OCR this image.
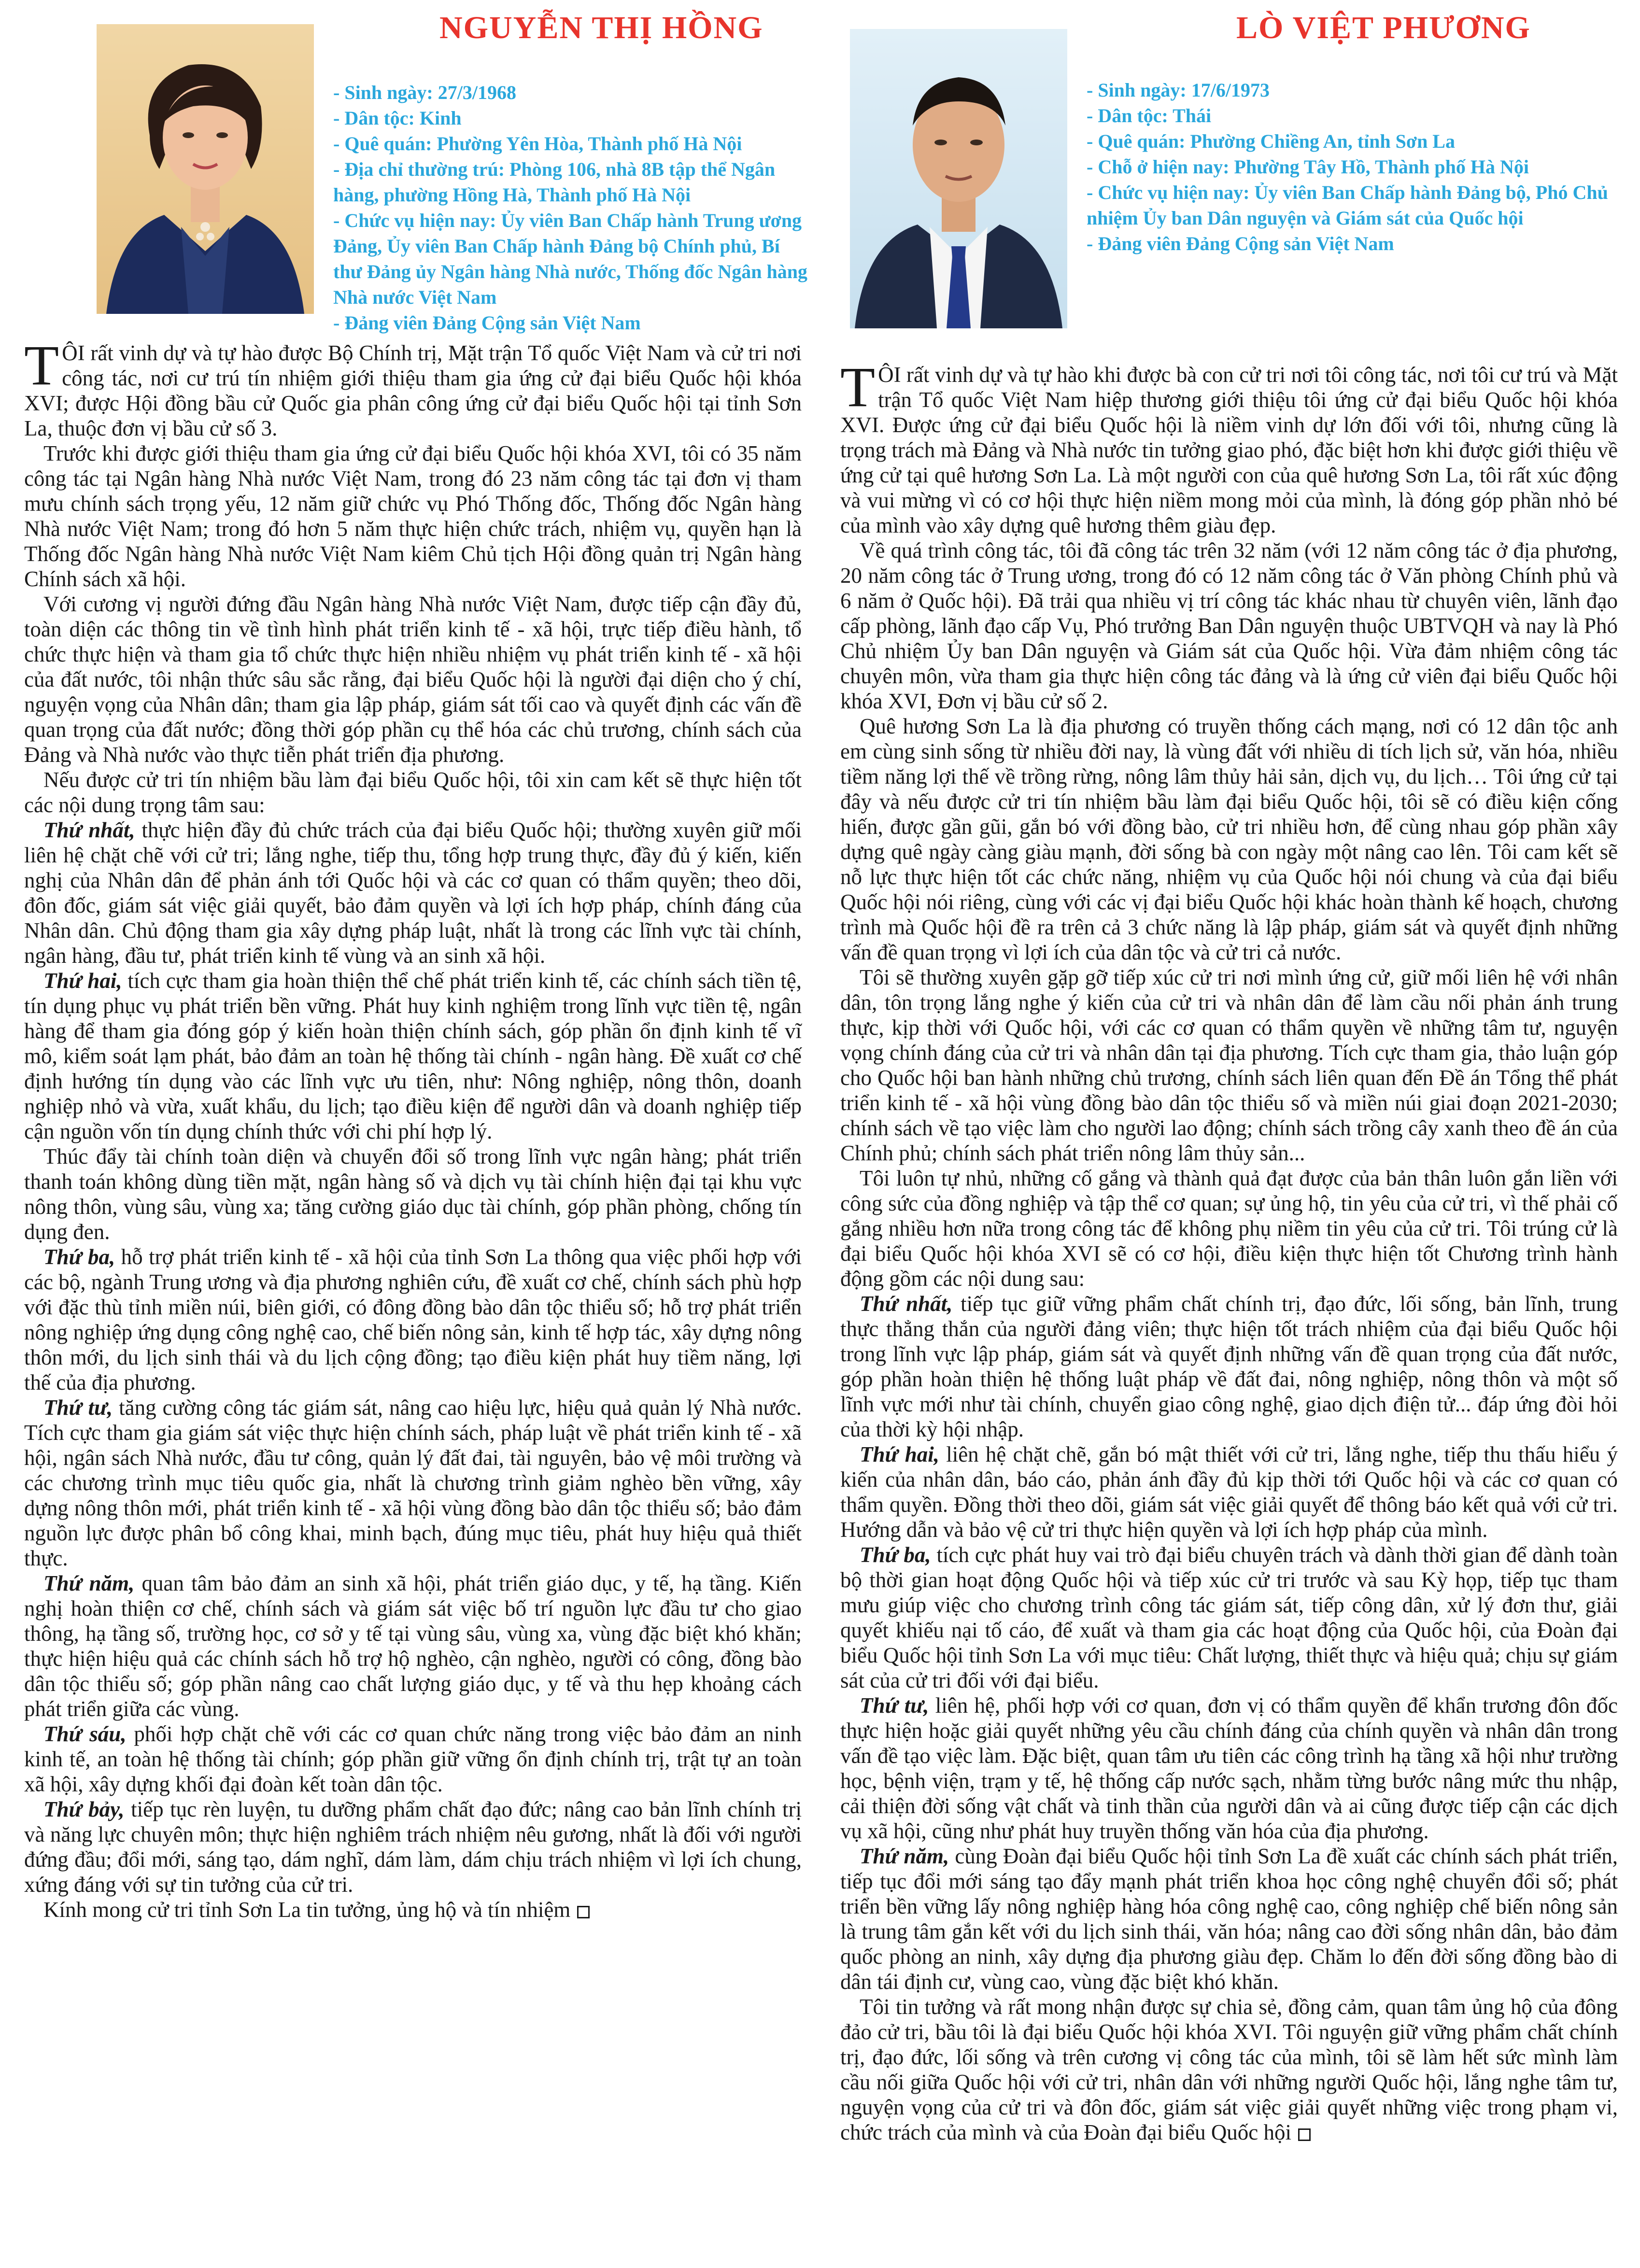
NGUYỄN THỊ HỒNG
- Sinh ngày: 27/3/1968
- Dân tộc: Kinh
- Quê quán: Phường Yên Hòa, Thành phố Hà Nội
- Địa chỉ thường trú: Phòng 106, nhà 8B tập thể Ngân hàng, phường Hồng Hà, Thành phố Hà Nội
- Chức vụ hiện nay: Ủy viên Ban Chấp hành Trung ương Đảng, Ủy viên Ban Chấp hành Đảng bộ Chính phủ, Bí thư Đảng ủy Ngân hàng Nhà nước, Thống đốc Ngân hàng Nhà nước Việt Nam
- Đảng viên Đảng Cộng sản Việt Nam

TÔI rất vinh dự và tự hào được Bộ Chính trị, Mặt trận Tổ quốc Việt Nam và cử tri nơi công tác, nơi cư trú tín nhiệm giới thiệu tham gia ứng cử đại biểu Quốc hội khóa XVI; được Hội đồng bầu cử Quốc gia phân công ứng cử đại biểu Quốc hội tại tỉnh Sơn La, thuộc đơn vị bầu cử số 3.

Trước khi được giới thiệu tham gia ứng cử đại biểu Quốc hội khóa XVI, tôi có 35 năm công tác tại Ngân hàng Nhà nước Việt Nam, trong đó 23 năm công tác tại đơn vị tham mưu chính sách trọng yếu, 12 năm giữ chức vụ Phó Thống đốc, Thống đốc Ngân hàng Nhà nước Việt Nam; trong đó hơn 5 năm thực hiện chức trách, nhiệm vụ, quyền hạn là Thống đốc Ngân hàng Nhà nước Việt Nam kiêm Chủ tịch Hội đồng quản trị Ngân hàng Chính sách xã hội.

Với cương vị người đứng đầu Ngân hàng Nhà nước Việt Nam, được tiếp cận đầy đủ, toàn diện các thông tin về tình hình phát triển kinh tế - xã hội, trực tiếp điều hành, tổ chức thực hiện và tham gia tổ chức thực hiện nhiều nhiệm vụ phát triển kinh tế - xã hội của đất nước, tôi nhận thức sâu sắc rằng, đại biểu Quốc hội là người đại diện cho ý chí, nguyện vọng của Nhân dân; tham gia lập pháp, giám sát tối cao và quyết định các vấn đề quan trọng của đất nước; đồng thời góp phần cụ thể hóa các chủ trương, chính sách của Đảng và Nhà nước vào thực tiễn phát triển địa phương.

Nếu được cử tri tín nhiệm bầu làm đại biểu Quốc hội, tôi xin cam kết sẽ thực hiện tốt các nội dung trọng tâm sau:

Thứ nhất, thực hiện đầy đủ chức trách của đại biểu Quốc hội; thường xuyên giữ mối liên hệ chặt chẽ với cử tri; lắng nghe, tiếp thu, tổng hợp trung thực, đầy đủ ý kiến, kiến nghị của Nhân dân để phản ánh tới Quốc hội và các cơ quan có thẩm quyền; theo dõi, đôn đốc, giám sát việc giải quyết, bảo đảm quyền và lợi ích hợp pháp, chính đáng của Nhân dân. Chủ động tham gia xây dựng pháp luật, nhất là trong các lĩnh vực tài chính, ngân hàng, đầu tư, phát triển kinh tế vùng và an sinh xã hội.

Thứ hai, tích cực tham gia hoàn thiện thể chế phát triển kinh tế, các chính sách tiền tệ, tín dụng phục vụ phát triển bền vững. Phát huy kinh nghiệm trong lĩnh vực tiền tệ, ngân hàng để tham gia đóng góp ý kiến hoàn thiện chính sách, góp phần ổn định kinh tế vĩ mô, kiểm soát lạm phát, bảo đảm an toàn hệ thống tài chính - ngân hàng. Đề xuất cơ chế định hướng tín dụng vào các lĩnh vực ưu tiên, như: Nông nghiệp, nông thôn, doanh nghiệp nhỏ và vừa, xuất khẩu, du lịch; tạo điều kiện để người dân và doanh nghiệp tiếp cận nguồn vốn tín dụng chính thức với chi phí hợp lý.

Thúc đẩy tài chính toàn diện và chuyển đổi số trong lĩnh vực ngân hàng; phát triển thanh toán không dùng tiền mặt, ngân hàng số và dịch vụ tài chính hiện đại tại khu vực nông thôn, vùng sâu, vùng xa; tăng cường giáo dục tài chính, góp phần phòng, chống tín dụng đen.

Thứ ba, hỗ trợ phát triển kinh tế - xã hội của tỉnh Sơn La thông qua việc phối hợp với các bộ, ngành Trung ương và địa phương nghiên cứu, đề xuất cơ chế, chính sách phù hợp với đặc thù tỉnh miền núi, biên giới, có đông đồng bào dân tộc thiểu số; hỗ trợ phát triển nông nghiệp ứng dụng công nghệ cao, chế biến nông sản, kinh tế hợp tác, xây dựng nông thôn mới, du lịch sinh thái và du lịch cộng đồng; tạo điều kiện phát huy tiềm năng, lợi thế của địa phương.

Thứ tư, tăng cường công tác giám sát, nâng cao hiệu lực, hiệu quả quản lý Nhà nước. Tích cực tham gia giám sát việc thực hiện chính sách, pháp luật về phát triển kinh tế - xã hội, ngân sách Nhà nước, đầu tư công, quản lý đất đai, tài nguyên, bảo vệ môi trường và các chương trình mục tiêu quốc gia, nhất là chương trình giảm nghèo bền vững, xây dựng nông thôn mới, phát triển kinh tế - xã hội vùng đồng bào dân tộc thiểu số; bảo đảm nguồn lực được phân bổ công khai, minh bạch, đúng mục tiêu, phát huy hiệu quả thiết thực.

Thứ năm, quan tâm bảo đảm an sinh xã hội, phát triển giáo dục, y tế, hạ tầng. Kiến nghị hoàn thiện cơ chế, chính sách và giám sát việc bố trí nguồn lực đầu tư cho giao thông, hạ tầng số, trường học, cơ sở y tế tại vùng sâu, vùng xa, vùng đặc biệt khó khăn; thực hiện hiệu quả các chính sách hỗ trợ hộ nghèo, cận nghèo, người có công, đồng bào dân tộc thiểu số; góp phần nâng cao chất lượng giáo dục, y tế và thu hẹp khoảng cách phát triển giữa các vùng.

Thứ sáu, phối hợp chặt chẽ với các cơ quan chức năng trong việc bảo đảm an ninh kinh tế, an toàn hệ thống tài chính; góp phần giữ vững ổn định chính trị, trật tự an toàn xã hội, xây dựng khối đại đoàn kết toàn dân tộc.

Thứ bảy, tiếp tục rèn luyện, tu dưỡng phẩm chất đạo đức; nâng cao bản lĩnh chính trị và năng lực chuyên môn; thực hiện nghiêm trách nhiệm nêu gương, nhất là đối với người đứng đầu; đổi mới, sáng tạo, dám nghĩ, dám làm, dám chịu trách nhiệm vì lợi ích chung, xứng đáng với sự tin tưởng của cử tri.

Kính mong cử tri tỉnh Sơn La tin tưởng, ủng hộ và tín nhiệm

LÒ VIỆT PHƯƠNG
- Sinh ngày: 17/6/1973
- Dân tộc: Thái
- Quê quán: Phường Chiềng An, tỉnh Sơn La
- Chỗ ở hiện nay: Phường Tây Hồ, Thành phố Hà Nội
- Chức vụ hiện nay: Ủy viên Ban Chấp hành Đảng bộ, Phó Chủ nhiệm Ủy ban Dân nguyện và Giám sát của Quốc hội
- Đảng viên Đảng Cộng sản Việt Nam

TÔI rất vinh dự và tự hào khi được bà con cử tri nơi tôi công tác, nơi tôi cư trú và Mặt trận Tổ quốc Việt Nam hiệp thương giới thiệu tôi ứng cử đại biểu Quốc hội khóa XVI. Được ứng cử đại biểu Quốc hội là niềm vinh dự lớn đối với tôi, nhưng cũng là trọng trách mà Đảng và Nhà nước tin tưởng giao phó, đặc biệt hơn khi được giới thiệu về ứng cử tại quê hương Sơn La. Là một người con của quê hương Sơn La, tôi rất xúc động và vui mừng vì có cơ hội thực hiện niềm mong mỏi của mình, là đóng góp phần nhỏ bé của mình vào xây dựng quê hương thêm giàu đẹp.

Về quá trình công tác, tôi đã công tác trên 32 năm (với 12 năm công tác ở địa phương, 20 năm công tác ở Trung ương, trong đó có 12 năm công tác ở Văn phòng Chính phủ và 6 năm ở Quốc hội). Đã trải qua nhiều vị trí công tác khác nhau từ chuyên viên, lãnh đạo cấp phòng, lãnh đạo cấp Vụ, Phó trưởng Ban Dân nguyện thuộc UBTVQH và nay là Phó Chủ nhiệm Ủy ban Dân nguyện và Giám sát của Quốc hội. Vừa đảm nhiệm công tác chuyên môn, vừa tham gia thực hiện công tác đảng và là ứng cử viên đại biểu Quốc hội khóa XVI, Đơn vị bầu cử số 2.

Quê hương Sơn La là địa phương có truyền thống cách mạng, nơi có 12 dân tộc anh em cùng sinh sống từ nhiều đời nay, là vùng đất với nhiều di tích lịch sử, văn hóa, nhiều tiềm năng lợi thế về trồng rừng, nông lâm thủy hải sản, dịch vụ, du lịch… Tôi ứng cử tại đây và nếu được cử tri tín nhiệm bầu làm đại biểu Quốc hội, tôi sẽ có điều kiện cống hiến, được gần gũi, gắn bó với đồng bào, cử tri nhiều hơn, để cùng nhau góp phần xây dựng quê ngày càng giàu mạnh, đời sống bà con ngày một nâng cao lên. Tôi cam kết sẽ nỗ lực thực hiện tốt các chức năng, nhiệm vụ của Quốc hội nói chung và của đại biểu Quốc hội nói riêng, cùng với các vị đại biểu Quốc hội khác hoàn thành kế hoạch, chương trình mà Quốc hội đề ra trên cả 3 chức năng là lập pháp, giám sát và quyết định những vấn đề quan trọng vì lợi ích của dân tộc và cử tri cả nước.

Tôi sẽ thường xuyên gặp gỡ tiếp xúc cử tri nơi mình ứng cử, giữ mối liên hệ với nhân dân, tôn trọng lắng nghe ý kiến của cử tri và nhân dân để làm cầu nối phản ánh trung thực, kịp thời với Quốc hội, với các cơ quan có thẩm quyền về những tâm tư, nguyện vọng chính đáng của cử tri và nhân dân tại địa phương. Tích cực tham gia, thảo luận góp cho Quốc hội ban hành những chủ trương, chính sách liên quan đến Đề án Tổng thể phát triển kinh tế - xã hội vùng đồng bào dân tộc thiểu số và miền núi giai đoạn 2021-2030; chính sách về tạo việc làm cho người lao động; chính sách trồng cây xanh theo đề án của Chính phủ; chính sách phát triển nông lâm thủy sản...

Tôi luôn tự nhủ, những cố gắng và thành quả đạt được của bản thân luôn gắn liền với công sức của đồng nghiệp và tập thể cơ quan; sự ủng hộ, tin yêu của cử tri, vì thế phải cố gắng nhiều hơn nữa trong công tác để không phụ niềm tin yêu của cử tri. Tôi trúng cử là đại biểu Quốc hội khóa XVI sẽ có cơ hội, điều kiện thực hiện tốt Chương trình hành động gồm các nội dung sau:

Thứ nhất, tiếp tục giữ vững phẩm chất chính trị, đạo đức, lối sống, bản lĩnh, trung thực thẳng thắn của người đảng viên; thực hiện tốt trách nhiệm của đại biểu Quốc hội trong lĩnh vực lập pháp, giám sát và quyết định những vấn đề quan trọng của đất nước, góp phần hoàn thiện hệ thống luật pháp về đất đai, nông nghiệp, nông thôn và một số lĩnh vực mới như tài chính, chuyển giao công nghệ, giao dịch điện tử... đáp ứng đòi hỏi của thời kỳ hội nhập.

Thứ hai, liên hệ chặt chẽ, gắn bó mật thiết với cử tri, lắng nghe, tiếp thu thấu hiểu ý kiến của nhân dân, báo cáo, phản ánh đầy đủ kịp thời tới Quốc hội và các cơ quan có thẩm quyền. Đồng thời theo dõi, giám sát việc giải quyết để thông báo kết quả với cử tri. Hướng dẫn và bảo vệ cử tri thực hiện quyền và lợi ích hợp pháp của mình.

Thứ ba, tích cực phát huy vai trò đại biểu chuyên trách và dành thời gian để dành toàn bộ thời gian hoạt động Quốc hội và tiếp xúc cử tri trước và sau Kỳ họp, tiếp tục tham mưu giúp việc cho chương trình công tác giám sát, tiếp công dân, xử lý đơn thư, giải quyết khiếu nại tố cáo, để xuất và tham gia các hoạt động của Quốc hội, của Đoàn đại biểu Quốc hội tỉnh Sơn La với mục tiêu: Chất lượng, thiết thực và hiệu quả; chịu sự giám sát của cử tri đối với đại biểu.

Thứ tư, liên hệ, phối hợp với cơ quan, đơn vị có thẩm quyền để khẩn trương đôn đốc thực hiện hoặc giải quyết những yêu cầu chính đáng của chính quyền và nhân dân trong vấn đề tạo việc làm. Đặc biệt, quan tâm ưu tiên các công trình hạ tầng xã hội như trường học, bệnh viện, trạm y tế, hệ thống cấp nước sạch, nhằm từng bước nâng mức thu nhập, cải thiện đời sống vật chất và tinh thần của người dân và ai cũng được tiếp cận các dịch vụ xã hội, cũng như phát huy truyền thống văn hóa của địa phương.

Thứ năm, cùng Đoàn đại biểu Quốc hội tỉnh Sơn La đề xuất các chính sách phát triển, tiếp tục đổi mới sáng tạo đẩy mạnh phát triển khoa học công nghệ chuyển đổi số; phát triển bền vững lấy nông nghiệp hàng hóa công nghệ cao, công nghiệp chế biến nông sản là trung tâm gắn kết với du lịch sinh thái, văn hóa; nâng cao đời sống nhân dân, bảo đảm quốc phòng an ninh, xây dựng địa phương giàu đẹp. Chăm lo đến đời sống đồng bào di dân tái định cư, vùng cao, vùng đặc biệt khó khăn.

Tôi tin tưởng và rất mong nhận được sự chia sẻ, đồng cảm, quan tâm ủng hộ của đông đảo cử tri, bầu tôi là đại biểu Quốc hội khóa XVI. Tôi nguyện giữ vững phẩm chất chính trị, đạo đức, lối sống và trên cương vị công tác của mình, tôi sẽ làm hết sức mình làm cầu nối giữa Quốc hội với cử tri, nhân dân với những người Quốc hội, lắng nghe tâm tư, nguyện vọng của cử tri và đôn đốc, giám sát việc giải quyết những việc trong phạm vi, chức trách của mình và của Đoàn đại biểu Quốc hội
